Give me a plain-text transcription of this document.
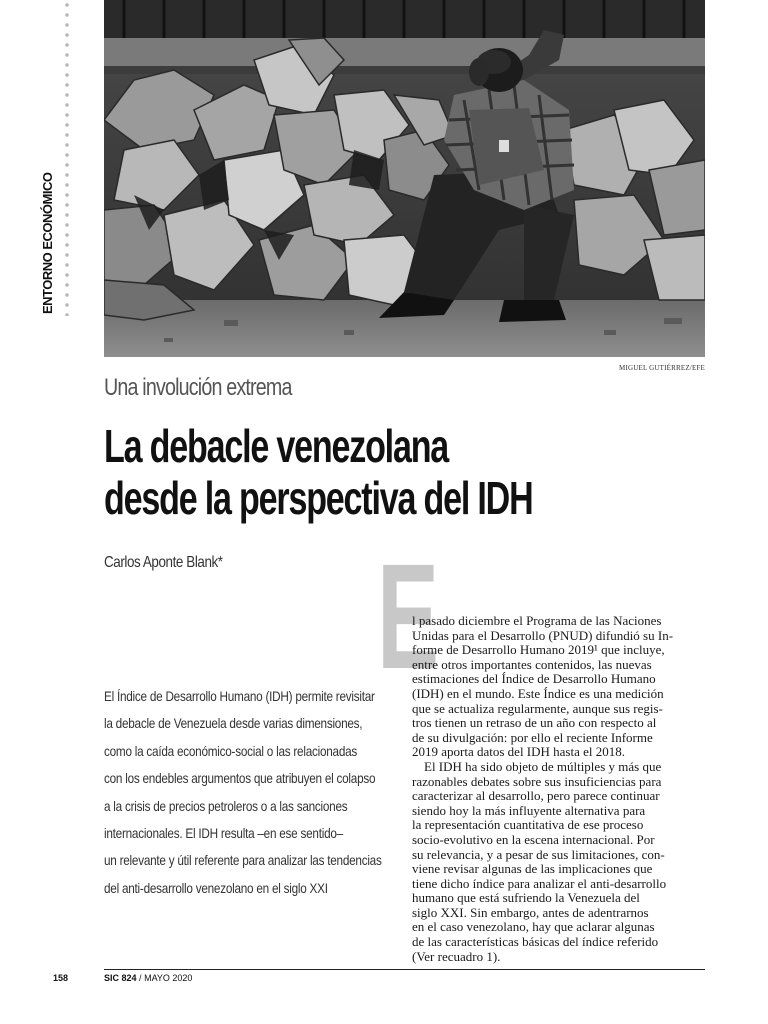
ENTORNO ECONÓMICO
MIGUEL GUTIÉRREZ/EFE
Una involución extrema
La debacle venezolana
desde la perspectiva del IDH
Carlos Aponte Blank*
El Índice de Desarrollo Humano (IDH) permite revisitar
la debacle de Venezuela desde varias dimensiones,
como la caída económico-social o las relacionadas
con los endebles argumentos que atribuyen el colapso
a la crisis de precios petroleros o a las sanciones
internacionales. El IDH resulta –en ese sentido–
un relevante y útil referente para analizar las tendencias
del anti-desarrollo venezolano en el siglo XXI
E
l pasado diciembre el Programa de las Naciones
Unidas para el Desarrollo (PNUD) difundió su In-
forme de Desarrollo Humano 2019¹ que incluye,
entre otros importantes contenidos, las nuevas
estimaciones del Índice de Desarrollo Humano
(IDH) en el mundo. Este Índice es una medición
que se actualiza regularmente, aunque sus regis-
tros tienen un retraso de un año con respecto al
de su divulgación: por ello el reciente Informe
2019 aporta datos del IDH hasta el 2018.
El IDH ha sido objeto de múltiples y más que
razonables debates sobre sus insuficiencias para
caracterizar al desarrollo, pero parece continuar
siendo hoy la más influyente alternativa para
la representación cuantitativa de ese proceso
socio-evolutivo en la escena internacional. Por
su relevancia, y a pesar de sus limitaciones, con-
viene revisar algunas de las implicaciones que
tiene dicho índice para analizar el anti-desarrollo
humano que está sufriendo la Venezuela del
siglo XXI. Sin embargo, antes de adentrarnos
en el caso venezolano, hay que aclarar algunas
de las características básicas del índice referido
(Ver recuadro 1).
158	SIC 824 / MAYO 2020
